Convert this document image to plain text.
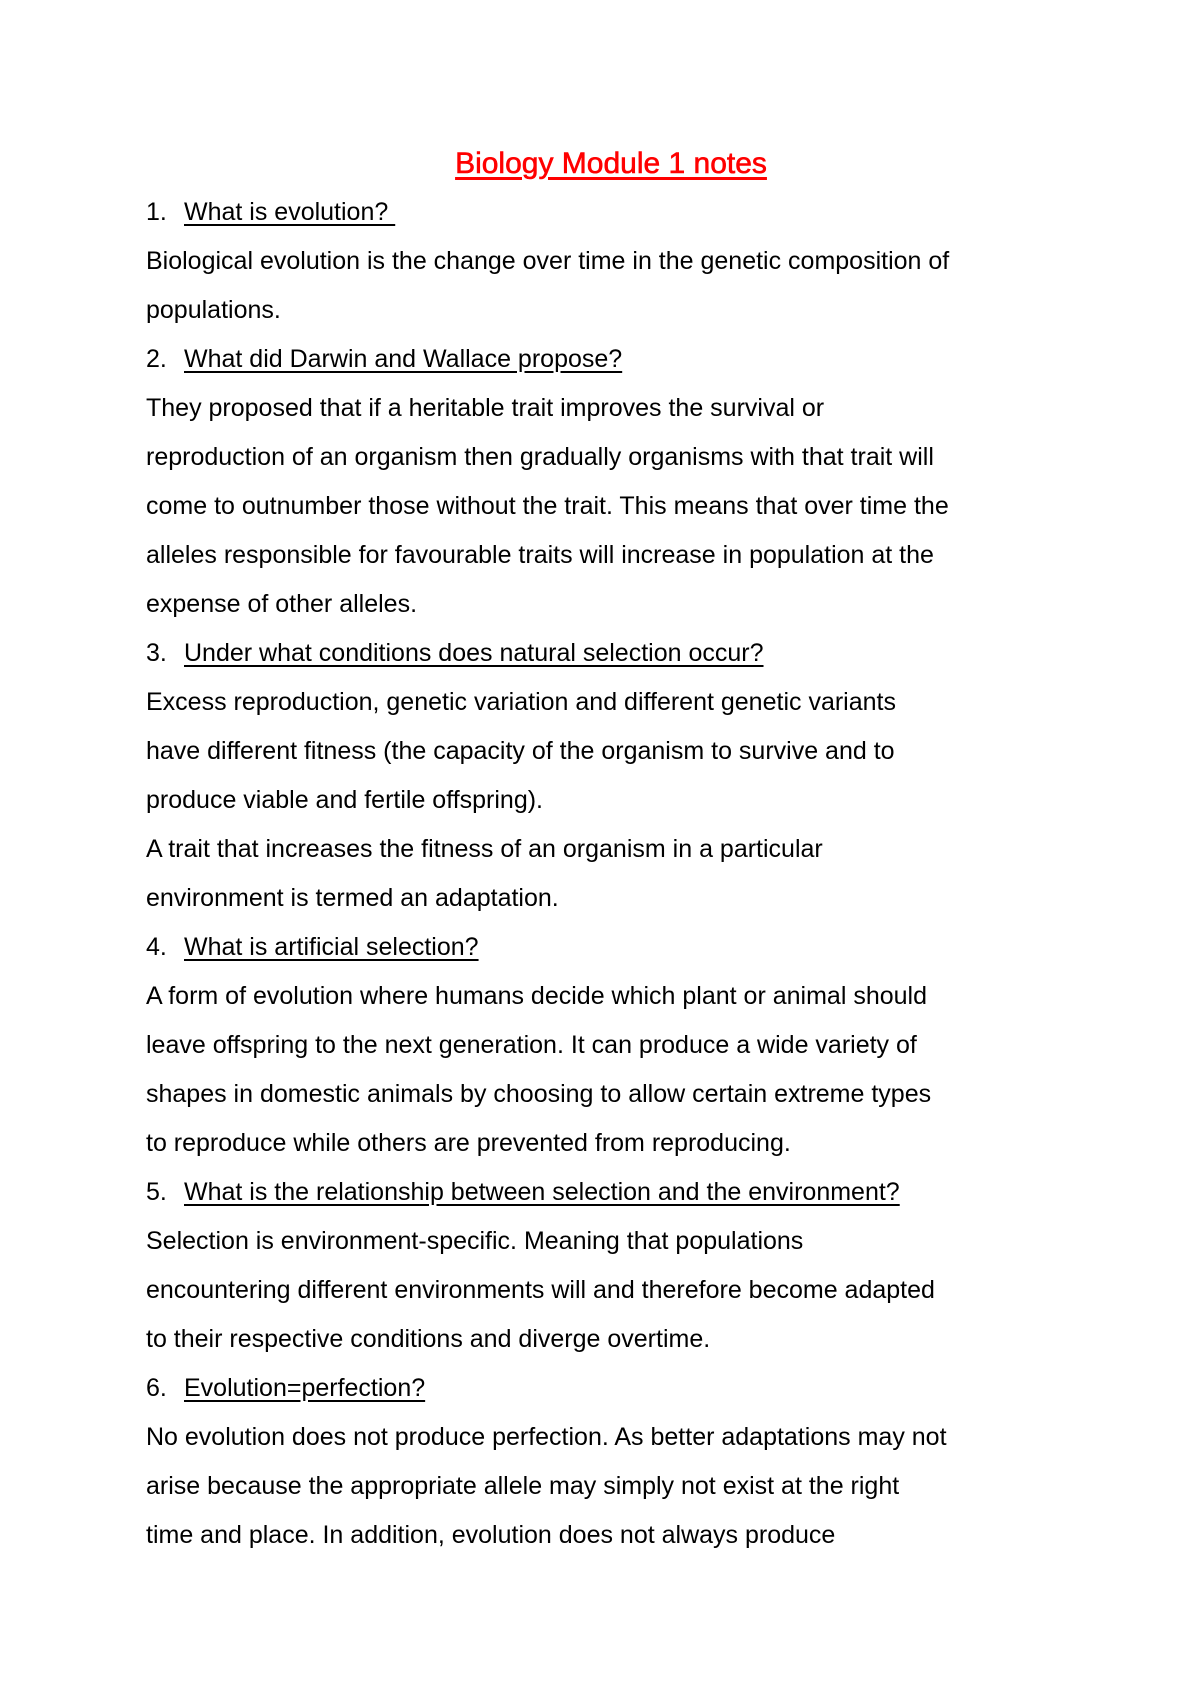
Biology Module 1 notes
1. What is evolution?
Biological evolution is the change over time in the genetic composition of
populations.
2. What did Darwin and Wallace propose?
They proposed that if a heritable trait improves the survival or
reproduction of an organism then gradually organisms with that trait will
come to outnumber those without the trait. This means that over time the
alleles responsible for favourable traits will increase in population at the
expense of other alleles.
3. Under what conditions does natural selection occur?
Excess reproduction, genetic variation and different genetic variants
have different fitness (the capacity of the organism to survive and to
produce viable and fertile offspring).
A trait that increases the fitness of an organism in a particular
environment is termed an adaptation.
4. What is artificial selection?
A form of evolution where humans decide which plant or animal should
leave offspring to the next generation. It can produce a wide variety of
shapes in domestic animals by choosing to allow certain extreme types
to reproduce while others are prevented from reproducing.
5. What is the relationship between selection and the environment?
Selection is environment-specific. Meaning that populations
encountering different environments will and therefore become adapted
to their respective conditions and diverge overtime.
6. Evolution=perfection?
No evolution does not produce perfection. As better adaptations may not
arise because the appropriate allele may simply not exist at the right
time and place. In addition, evolution does not always produce
